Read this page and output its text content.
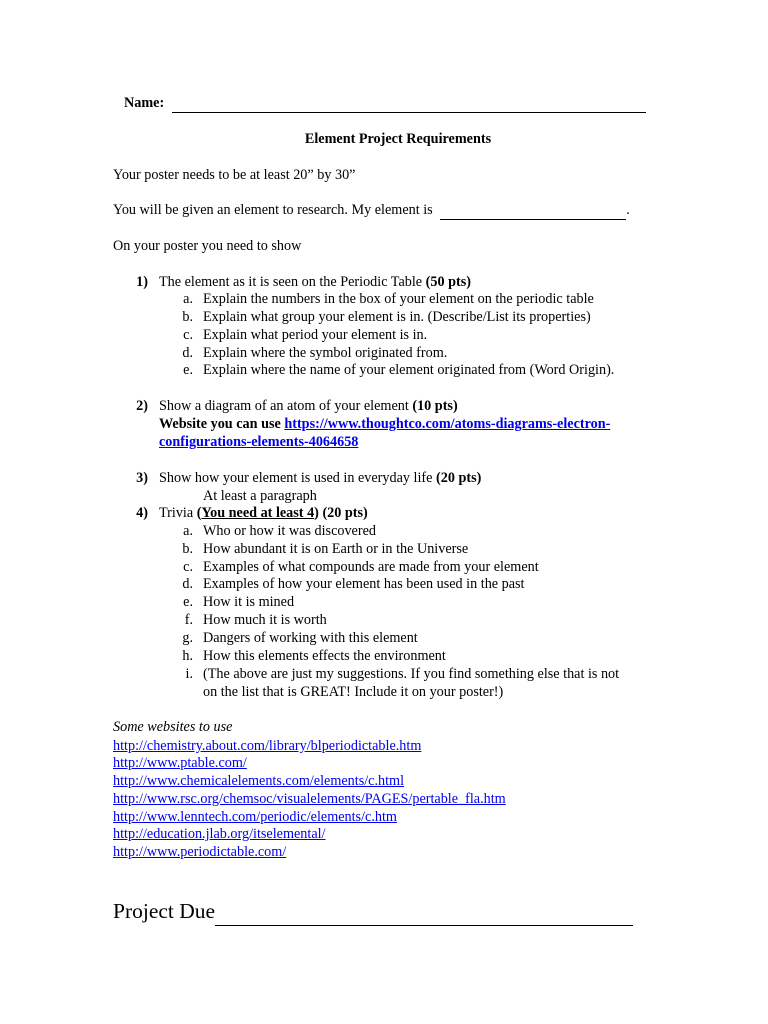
Name:
Element Project Requirements
Your poster needs to be at least 20” by 30”
You will be given an element to research. My element is	.
On your poster you need to show
1) The element as it is seen on the Periodic Table (50 pts)
a. Explain the numbers in the box of your element on the periodic table
b. Explain what group your element is in. (Describe/List its properties)
c. Explain what period your element is in.
d. Explain where the symbol originated from.
e. Explain where the name of your element originated from (Word Origin).
2) Show a diagram of an atom of your element (10 pts)
Website you can use https://www.thoughtco.com/atoms-diagrams-electron-
configurations-elements-4064658
3) Show how your element is used in everyday life (20 pts)
At least a paragraph
4) Trivia (You need at least 4) (20 pts)
a. Who or how it was discovered
b. How abundant it is on Earth or in the Universe
c. Examples of what compounds are made from your element
d. Examples of how your element has been used in the past
e. How it is mined
f. How much it is worth
g. Dangers of working with this element
h. How this elements effects the environment
i. (The above are just my suggestions. If you find something else that is not
on the list that is GREAT! Include it on your poster!)
Some websites to use
http://chemistry.about.com/library/blperiodictable.htm
http://www.ptable.com/
http://www.chemicalelements.com/elements/c.html
http://www.rsc.org/chemsoc/visualelements/PAGES/pertable_fla.htm
http://www.lenntech.com/periodic/elements/c.htm
http://education.jlab.org/itselemental/
http://www.periodictable.com/
Project Due
